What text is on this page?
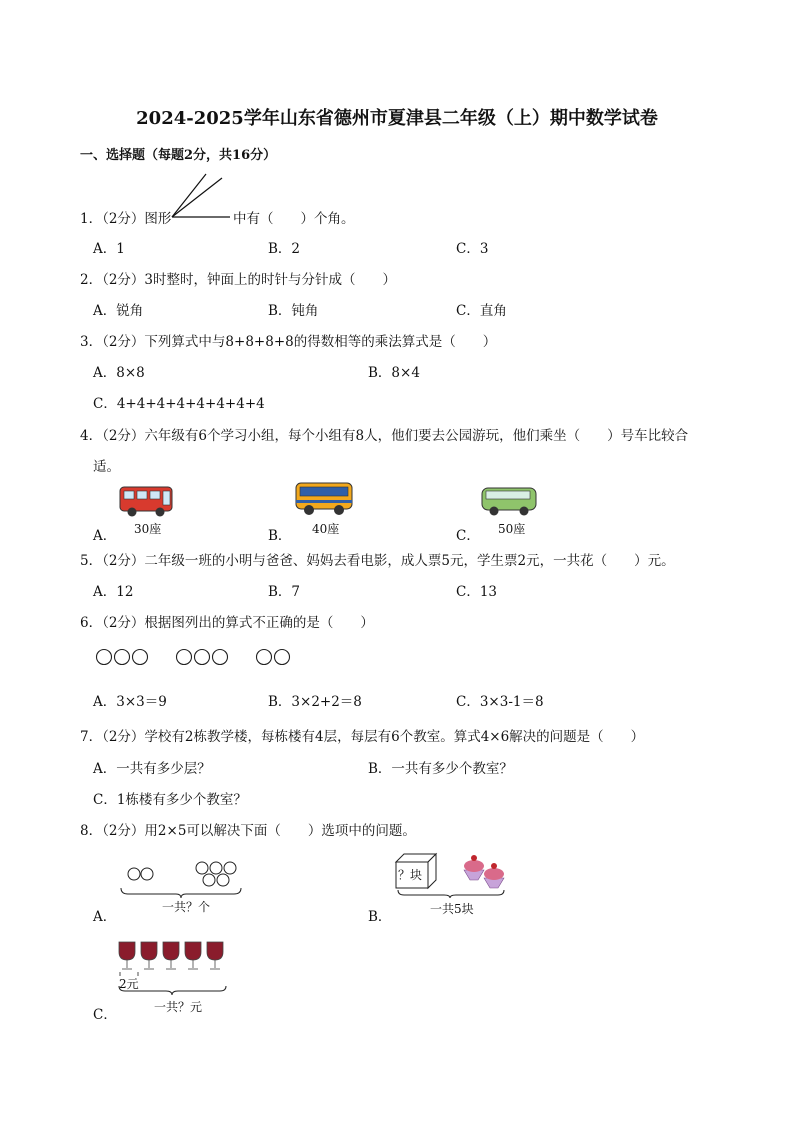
2024-2025学年山东省德州市夏津县二年级（上）期中数学试卷
一、选择题（每题2分，共16分）
1．（2分）图形	中有（　　）个角。
A．1	B．2	C．3
2．（2分）3时整时，钟面上的时针与分针成（　　）
A．锐角	B．钝角	C．直角
3．（2分）下列算式中与8+8+8+8的得数相等的乘法算式是（　　）
A．8×8	B．8×4
C．4+4+4+4+4+4+4+4
4．（2分）六年级有6个学习小组，每个小组有8人，他们要去公园游玩，他们乘坐（　　）号车比较合
适。
A． 30座	B． 40座	C． 50座
5．（2分）二年级一班的小明与爸爸、妈妈去看电影，成人票5元，学生票2元，一共花（　　）元。
A．12	B．7	C．13
6．（2分）根据图列出的算式不正确的是（　　）
A．3×3＝9	B．3×2+2＝8	C．3×3-1＝8
7．（2分）学校有2栋教学楼，每栋楼有4层，每层有6个教室。算式4×6解决的问题是（　　）
A．一共有多少层？	B．一共有多少个教室？
C．1栋楼有多少个教室？
8．（2分）用2×5可以解决下面（　　）选项中的问题。
A．
一共？个
B．
？块
一共5块
C．
2元
一共？元
